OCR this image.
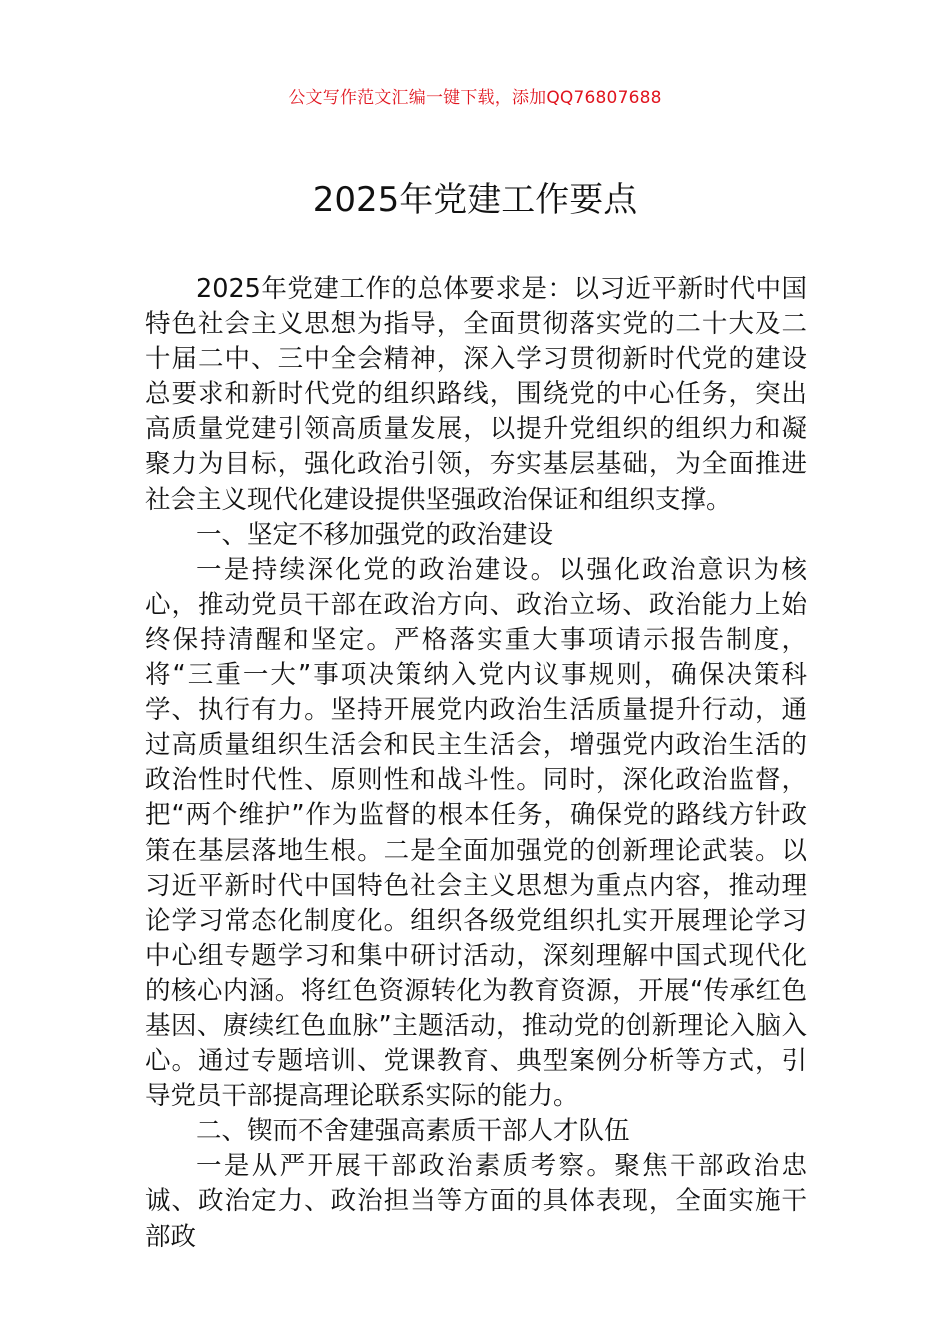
公文写作范文汇编一键下载，添加QQ76807688
2025年党建工作要点

2025年党建工作的总体要求是：以习近平新时代中国特色社会主义思想为指导，全面贯彻落实党的二十大及二十届二中、三中全会精神，深入学习贯彻新时代党的建设总要求和新时代党的组织路线，围绕党的中心任务，突出高质量党建引领高质量发展，以提升党组织的组织力和凝聚力为目标，强化政治引领，夯实基层基础，为全面推进社会主义现代化建设提供坚强政治保证和组织支撑。

一、坚定不移加强党的政治建设

一是持续深化党的政治建设。以强化政治意识为核心，推动党员干部在政治方向、政治立场、政治能力上始终保持清醒和坚定。严格落实重大事项请示报告制度，将“三重一大”事项决策纳入党内议事规则，确保决策科学、执行有力。坚持开展党内政治生活质量提升行动，通过高质量组织生活会和民主生活会，增强党内政治生活的政治性时代性、原则性和战斗性。同时，深化政治监督，把“两个维护”作为监督的根本任务，确保党的路线方针政策在基层落地生根。二是全面加强党的创新理论武装。以习近平新时代中国特色社会主义思想为重点内容，推动理论学习常态化制度化。组织各级党组织扎实开展理论学习中心组专题学习和集中研讨活动，深刻理解中国式现代化的核心内涵。将红色资源转化为教育资源，开展“传承红色基因、赓续红色血脉”主题活动，推动党的创新理论入脑入心。通过专题培训、党课教育、典型案例分析等方式，引导党员干部提高理论联系实际的能力。

二、锲而不舍建强高素质干部人才队伍

一是从严开展干部政治素质考察。聚焦干部政治忠诚、政治定力、政治担当等方面的具体表现，全面实施干部政
